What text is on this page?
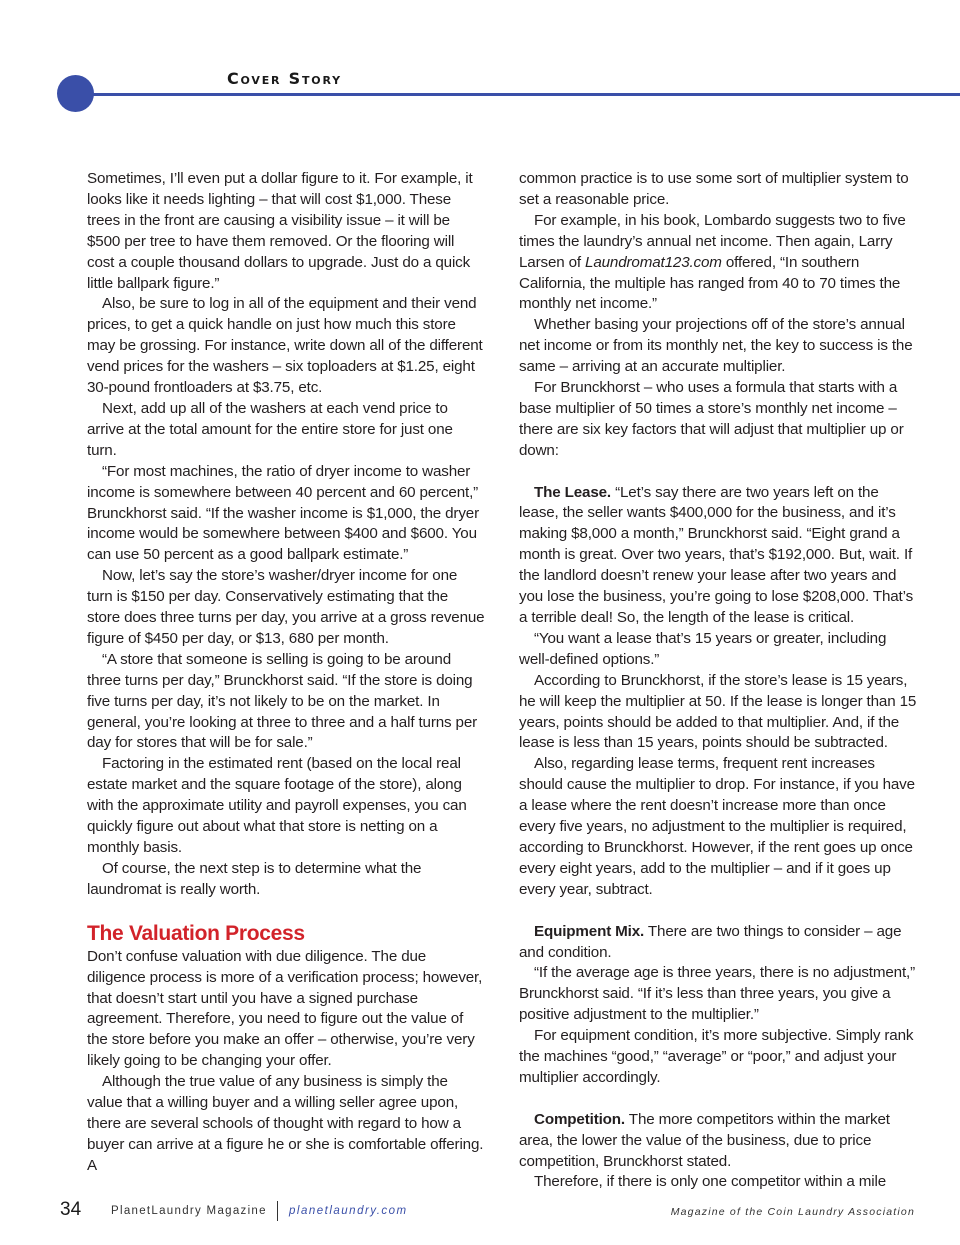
Cover Story

Sometimes, I’ll even put a dollar figure to it. For example, it looks like it needs lighting – that will cost $1,000. These trees in the front are causing a visibility issue – it will be $500 per tree to have them removed. Or the flooring will cost a couple thousand dollars to upgrade. Just do a quick little ballpark figure.”

Also, be sure to log in all of the equipment and their vend prices, to get a quick handle on just how much this store may be grossing. For instance, write down all of the different vend prices for the washers – six toploaders at $1.25, eight 30-pound frontloaders at $3.75, etc.

Next, add up all of the washers at each vend price to arrive at the total amount for the entire store for just one turn.

“For most machines, the ratio of dryer income to washer income is somewhere between 40 percent and 60 percent,” Brunckhorst said. “If the washer income is $1,000, the dryer income would be somewhere between $400 and $600. You can use 50 percent as a good ballpark estimate.”

Now, let’s say the store’s washer/dryer income for one turn is $150 per day. Conservatively estimating that the store does three turns per day, you arrive at a gross revenue figure of $450 per day, or $13, 680 per month.

“A store that someone is selling is going to be around three turns per day,” Brunckhorst said. “If the store is doing five turns per day, it’s not likely to be on the market. In general, you’re looking at three to three and a half turns per day for stores that will be for sale.”

Factoring in the estimated rent (based on the local real estate market and the square footage of the store), along with the approximate utility and payroll expenses, you can quickly figure out about what that store is netting on a monthly basis.

Of course, the next step is to determine what the laundromat is really worth.

The Valuation Process

Don’t confuse valuation with due diligence. The due diligence process is more of a verification process; however, that doesn’t start until you have a signed purchase agreement. Therefore, you need to figure out the value of the store before you make an offer – otherwise, you’re very likely going to be changing your offer.

Although the true value of any business is simply the value that a willing buyer and a willing seller agree upon, there are several schools of thought with regard to how a buyer can arrive at a figure he or she is comfortable offering. A

common practice is to use some sort of multiplier system to set a reasonable price.

For example, in his book, Lombardo suggests two to five times the laundry’s annual net income. Then again, Larry Larsen of Laundromat123.com offered, “In southern California, the multiple has ranged from 40 to 70 times the monthly net income.”

Whether basing your projections off of the store’s annual net income or from its monthly net, the key to success is the same – arriving at an accurate multiplier.

For Brunckhorst – who uses a formula that starts with a base multiplier of 50 times a store’s monthly net income – there are six key factors that will adjust that multiplier up or down:

The Lease. “Let’s say there are two years left on the lease, the seller wants $400,000 for the business, and it’s making $8,000 a month,” Brunckhorst said. “Eight grand a month is great. Over two years, that’s $192,000. But, wait. If the landlord doesn’t renew your lease after two years and you lose the business, you’re going to lose $208,000. That’s a terrible deal! So, the length of the lease is critical.

“You want a lease that’s 15 years or greater, including well-defined options.”

According to Brunckhorst, if the store’s lease is 15 years, he will keep the multiplier at 50. If the lease is longer than 15 years, points should be added to that multiplier. And, if the lease is less than 15 years, points should be subtracted.

Also, regarding lease terms, frequent rent increases should cause the multiplier to drop. For instance, if you have a lease where the rent doesn’t increase more than once every five years, no adjustment to the multiplier is required, according to Brunckhorst. However, if the rent goes up once every eight years, add to the multiplier – and if it goes up every year, subtract.

Equipment Mix. There are two things to consider – age and condition.

“If the average age is three years, there is no adjustment,” Brunckhorst said. “If it’s less than three years, you give a positive adjustment to the multiplier.”

For equipment condition, it’s more subjective. Simply rank the machines “good,” “average” or “poor,” and adjust your multiplier accordingly.

Competition. The more competitors within the market area, the lower the value of the business, due to price competition, Brunckhorst stated.

Therefore, if there is only one competitor within a mile

34	PlanetLaundry Magazine planetlaundry.com	Magazine of the Coin Laundry Association
